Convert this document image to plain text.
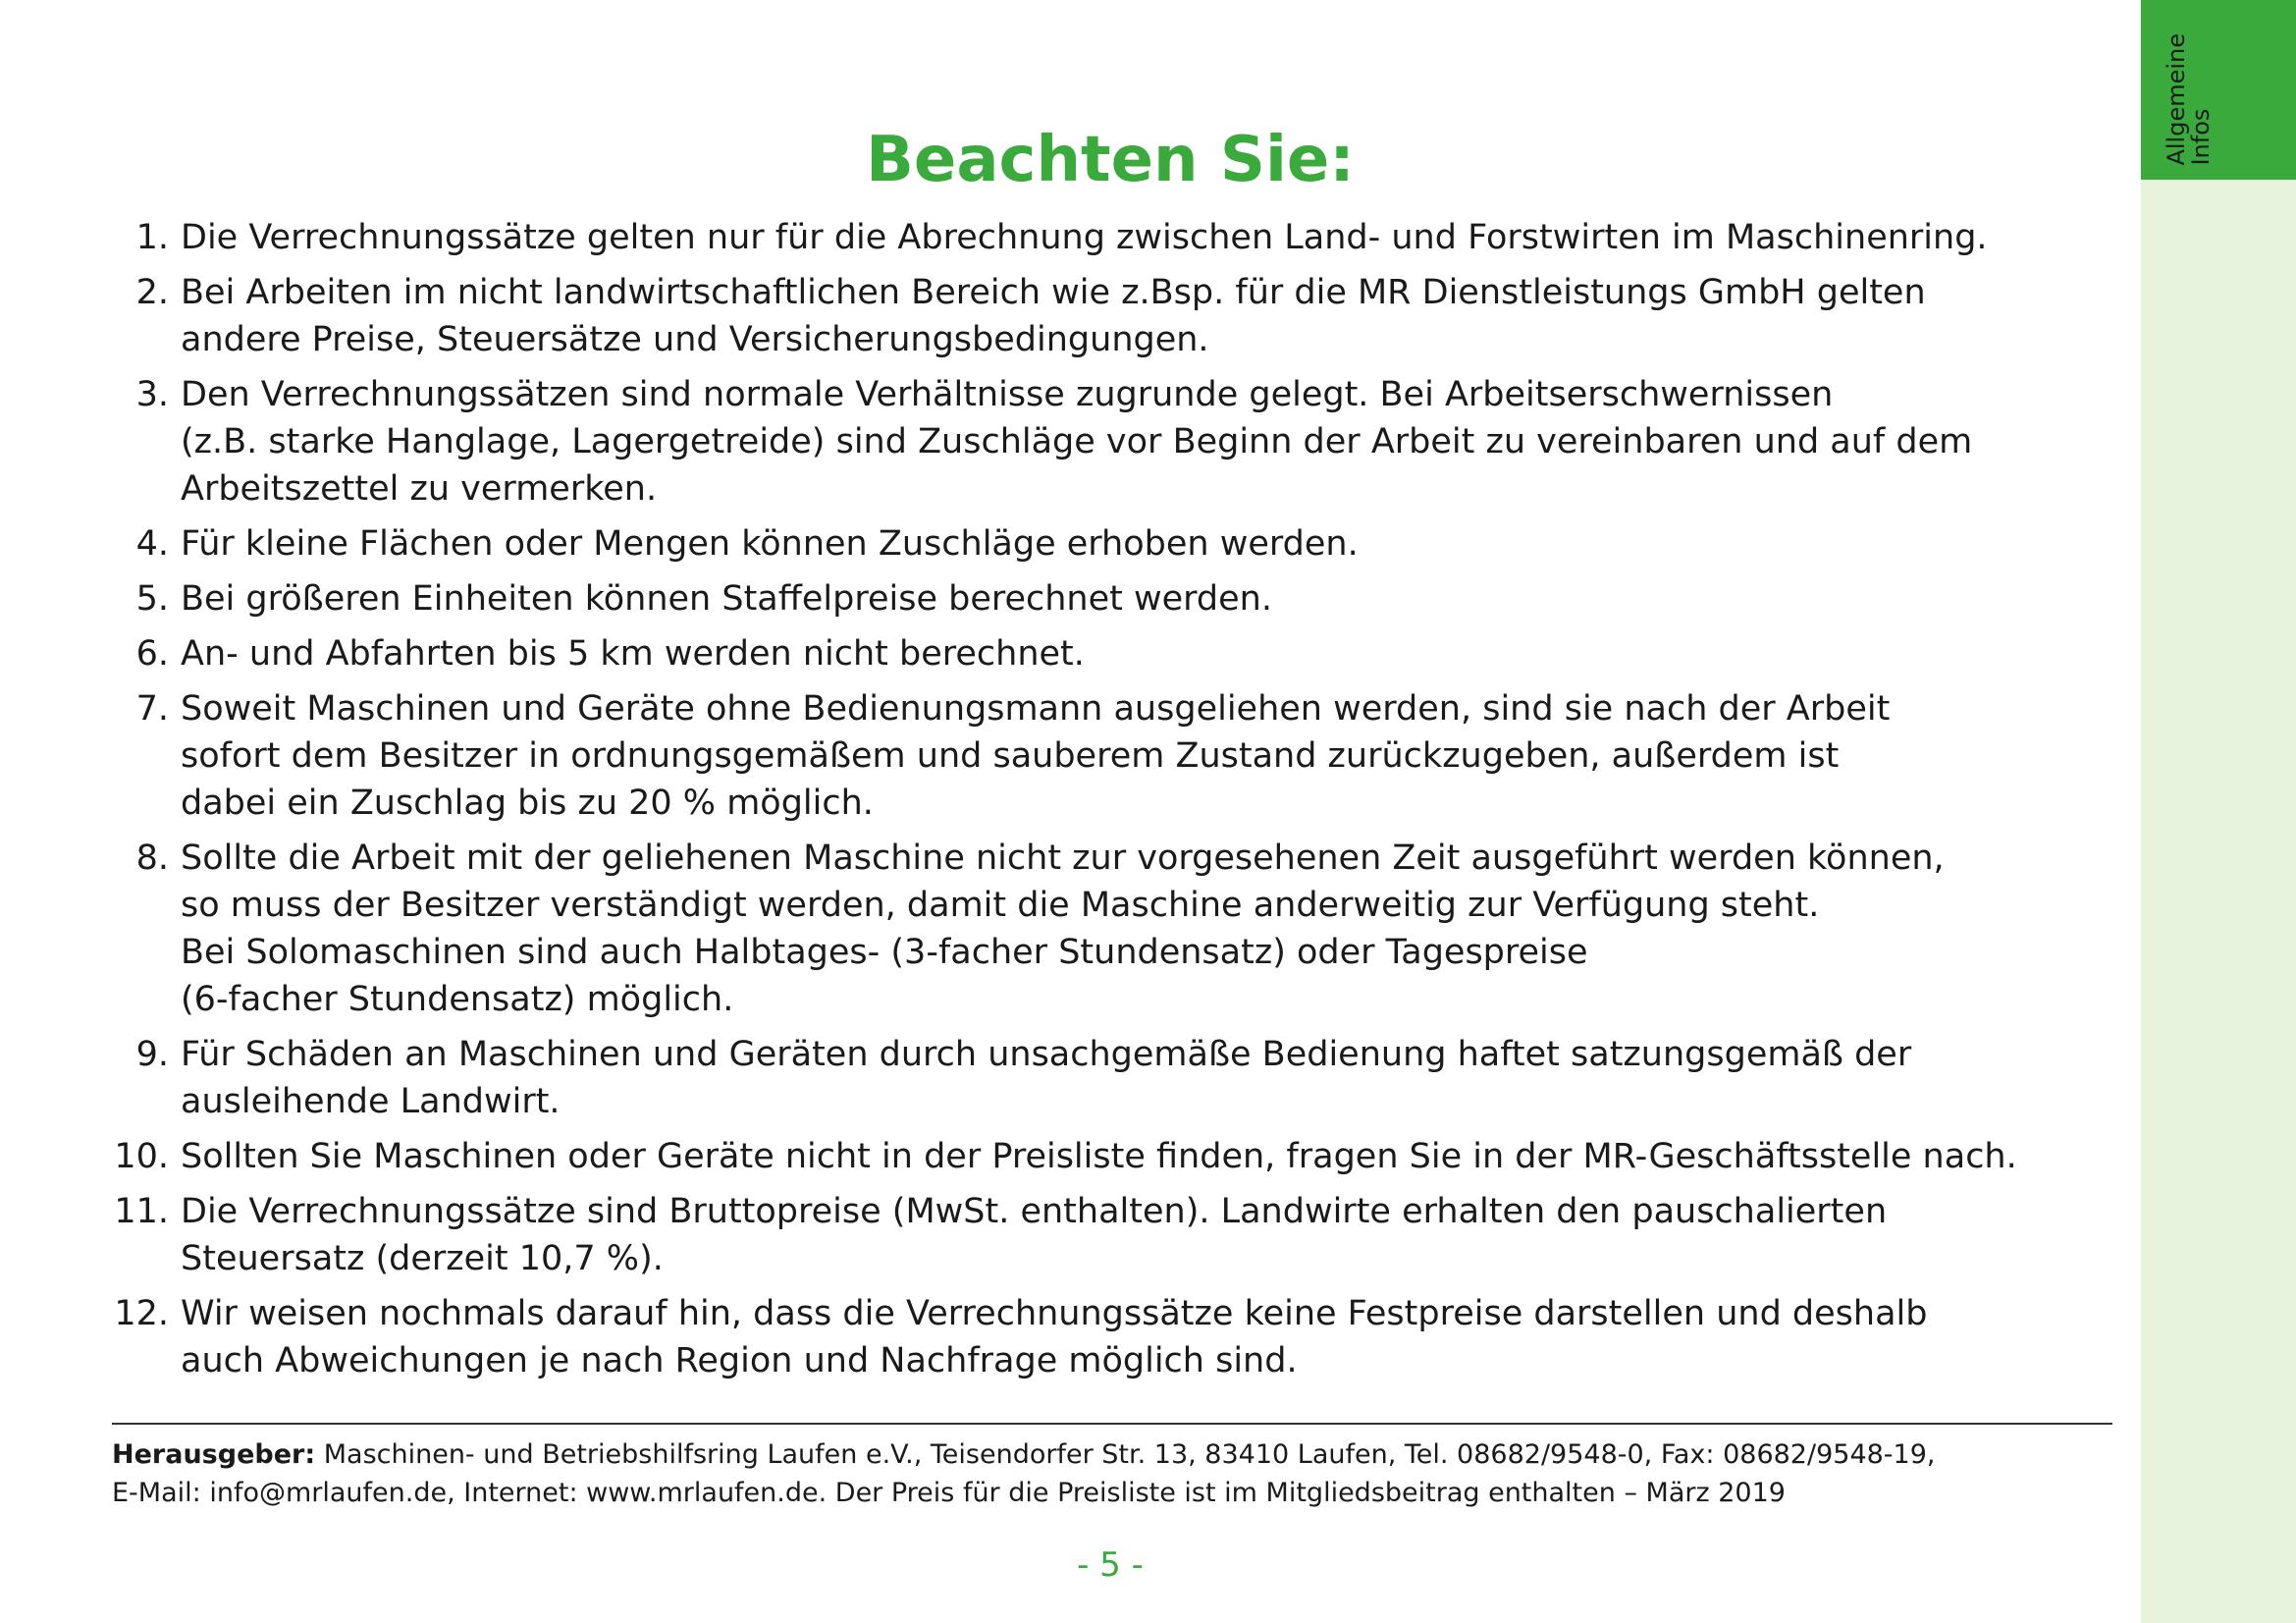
Allgemeine
Infos
Beachten Sie:
1. Die Verrechnungssätze gelten nur für die Abrechnung zwischen Land- und Forstwirten im Maschinenring.
2. Bei Arbeiten im nicht landwirtschaftlichen Bereich wie z.Bsp. für die MR Dienstleistungs GmbH gelten
andere Preise, Steuersätze und Versicherungsbedingungen.
3. Den Verrechnungssätzen sind normale Verhältnisse zugrunde gelegt. Bei Arbeitserschwernissen
(z.B. starke Hanglage, Lagergetreide) sind Zuschläge vor Beginn der Arbeit zu vereinbaren und auf dem
Arbeitszettel zu vermerken.
4. Für kleine Flächen oder Mengen können Zuschläge erhoben werden.
5. Bei größeren Einheiten können Staffelpreise berechnet werden.
6. An- und Abfahrten bis 5 km werden nicht berechnet.
7. Soweit Maschinen und Geräte ohne Bedienungsmann ausgeliehen werden, sind sie nach der Arbeit
sofort dem Besitzer in ordnungsgemäßem und sauberem Zustand zurückzugeben, außerdem ist
dabei ein Zuschlag bis zu 20 % möglich.
8. Sollte die Arbeit mit der geliehenen Maschine nicht zur vorgesehenen Zeit ausgeführt werden können,
so muss der Besitzer verständigt werden, damit die Maschine anderweitig zur Verfügung steht.
Bei Solomaschinen sind auch Halbtages- (3-facher Stundensatz) oder Tagespreise
(6-facher Stundensatz) möglich.
9. Für Schäden an Maschinen und Geräten durch unsachgemäße Bedienung haftet satzungsgemäß der
ausleihende Landwirt.
10. Sollten Sie Maschinen oder Geräte nicht in der Preisliste finden, fragen Sie in der MR-Geschäftsstelle nach.
11. Die Verrechnungssätze sind Bruttopreise (MwSt. enthalten). Landwirte erhalten den pauschalierten
Steuersatz (derzeit 10,7 %).
12. Wir weisen nochmals darauf hin, dass die Verrechnungssätze keine Festpreise darstellen und deshalb
auch Abweichungen je nach Region und Nachfrage möglich sind.
Herausgeber: Maschinen- und Betriebshilfsring Laufen e.V., Teisendorfer Str. 13, 83410 Laufen, Tel. 08682/9548-0, Fax: 08682/9548-19,
E-Mail: info@mrlaufen.de, Internet: www.mrlaufen.de. Der Preis für die Preisliste ist im Mitgliedsbeitrag enthalten – März 2019
- 5 -
